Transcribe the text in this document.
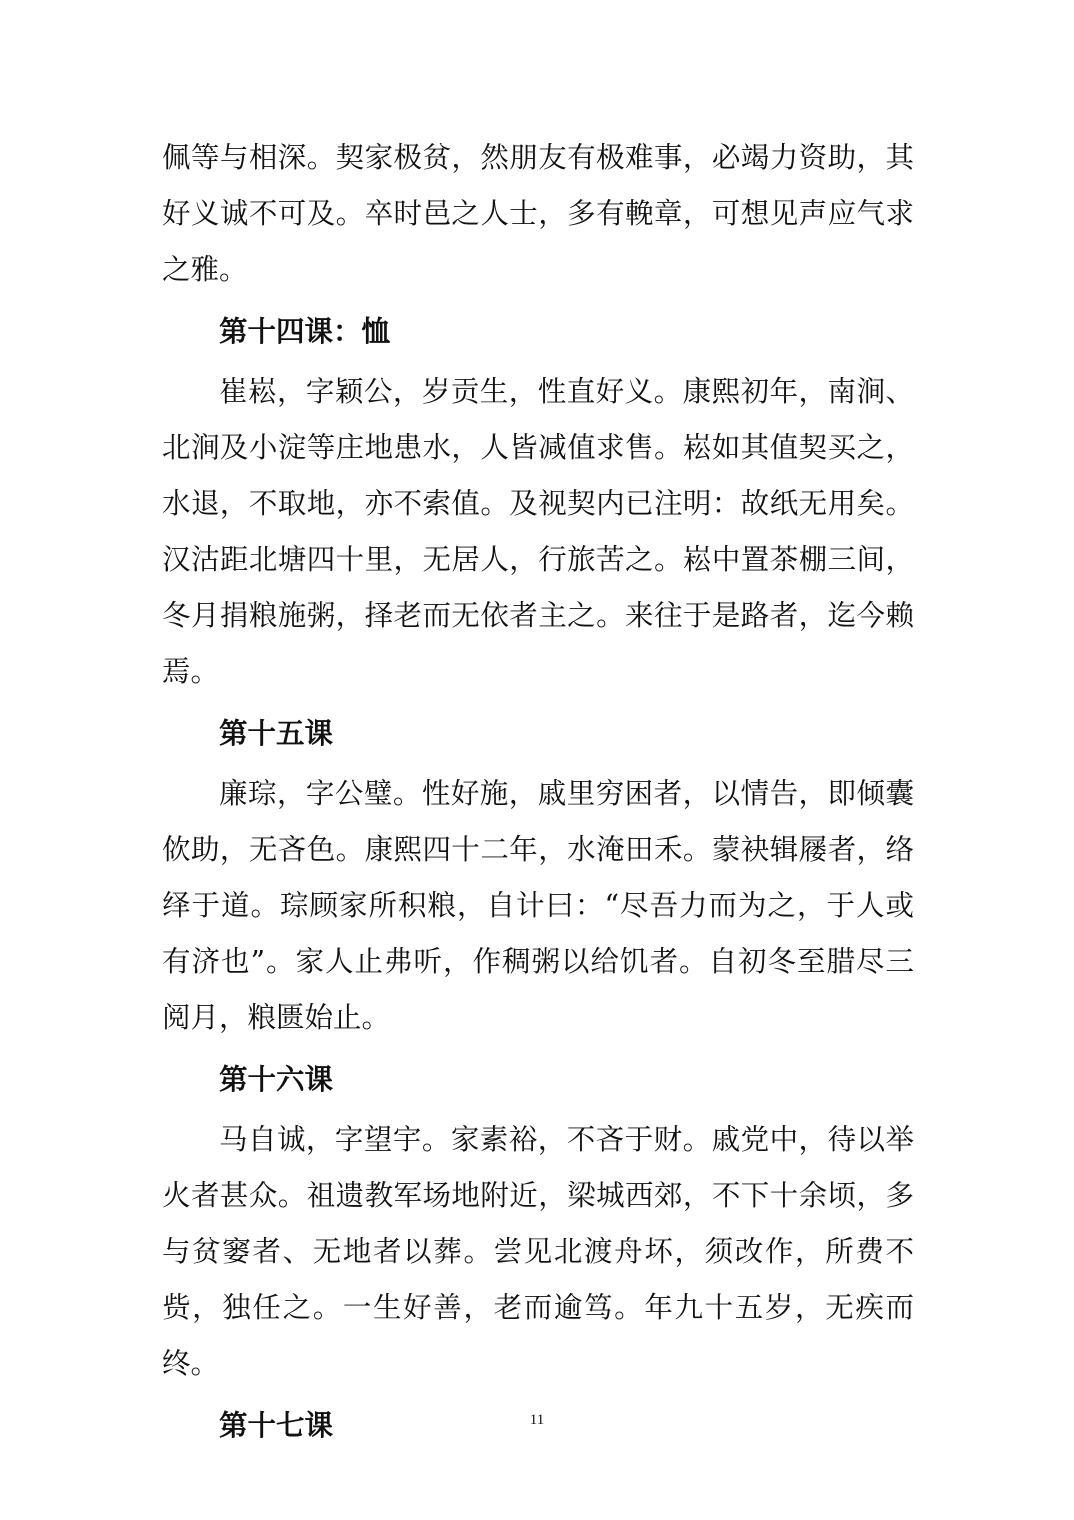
佩等与相深。契家极贫，然朋友有极难事，必竭力资助，其好义诚不可及。卒时邑之人士，多有輓章，可想见声应气求之雅。

第十四课：恤

崔崧，字颖公，岁贡生，性直好义。康熙初年，南涧、北涧及小淀等庄地患水，人皆减值求售。崧如其值契买之，水退，不取地，亦不索值。及视契内已注明：故纸无用矣。汉沽距北塘四十里，无居人，行旅苦之。崧中置茶棚三间，冬月捐粮施粥，择老而无依者主之。来往于是路者，迄今赖焉。

第十五课

廉琮，字公璧。性好施，戚里穷困者，以情告，即倾囊佽助，无吝色。康熙四十二年，水淹田禾。蒙袂辑屦者，络绎于道。琮顾家所积粮，自计曰：“尽吾力而为之，于人或有济也”。家人止弗听，作稠粥以给饥者。自初冬至腊尽三阅月，粮匮始止。

第十六课

马自诚，字望宇。家素裕，不吝于财。戚党中，待以举火者甚众。祖遗教军场地附近，梁城西郊，不下十余顷，多与贫窭者、无地者以葬。尝见北渡舟坏，须改作，所费不赀，独任之。一生好善，老而逾笃。年九十五岁，无疾而终。

第十七课	11
